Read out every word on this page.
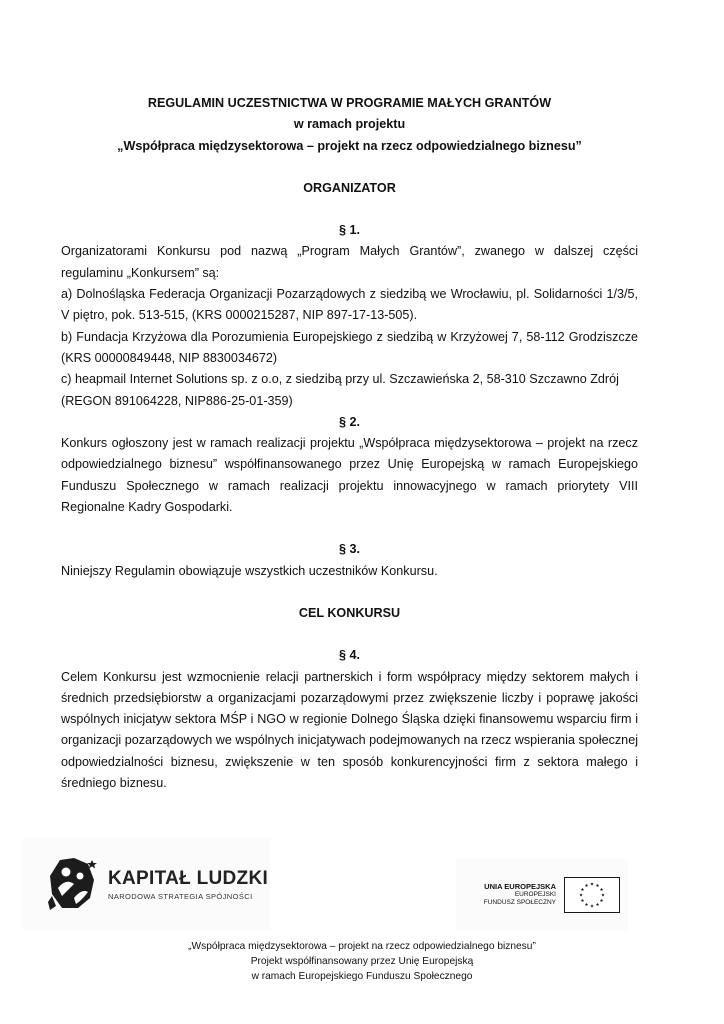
REGULAMIN UCZESTNICTWA W PROGRAMIE MAŁYCH GRANTÓW

w ramach projektu

„Współpraca międzysektorowa – projekt na rzecz odpowiedzialnego biznesu”

ORGANIZATOR

§ 1.

Organizatorami Konkursu pod nazwą „Program Małych Grantów”, zwanego w dalszej części regulaminu „Konkursem” są:

a) Dolnośląska Federacja Organizacji Pozarządowych z siedzibą we Wrocławiu, pl. Solidarności 1/3/5, V piętro, pok. 513-515, (KRS 0000215287, NIP 897-17-13-505).

b) Fundacja Krzyżowa dla Porozumienia Europejskiego z siedzibą w Krzyżowej 7, 58-112 Grodziszcze (KRS 00000849448, NIP 8830034672)

c) heapmail Internet Solutions sp. z o.o, z siedzibą przy ul. Szczawieńska 2, 58-310 Szczawno Zdrój

(REGON 891064228, NIP886-25-01-359)

§ 2.

Konkurs ogłoszony jest w ramach realizacji projektu „Współpraca międzysektorowa – projekt na rzecz odpowiedzialnego biznesu” współfinansowanego przez Unię Europejską w ramach Europejskiego Funduszu Społecznego w ramach realizacji projektu innowacyjnego w ramach priorytety VIII Regionalne Kadry Gospodarki.

§ 3.

Niniejszy Regulamin obowiązuje wszystkich uczestników Konkursu.

CEL KONKURSU

§ 4.

Celem Konkursu jest wzmocnienie relacji partnerskich i form współpracy między sektorem małych i średnich przedsiębiorstw a organizacjami pozarządowymi przez zwiększenie liczby i poprawę jakości wspólnych inicjatyw sektora MŚP i NGO w regionie Dolnego Śląska dzięki finansowemu wsparciu firm i organizacji pozarządowych we wspólnych inicjatywach podejmowanych na rzecz wspierania społecznej odpowiedzialności biznesu, zwiększenie w ten sposób konkurencyjności firm z sektora małego i średniego biznesu.

KAPITAŁ LUDZKI
NARODOWA STRATEGIA SPÓJNOŚCI
UNIA EUROPEJSKA
EUROPEJSKI
FUNDUSZ SPOŁECZNY
„Współpraca międzysektorowa – projekt na rzecz odpowiedzialnego biznesu”
Projekt współfinansowany przez Unię Europejską
w ramach Europejskiego Funduszu Społecznego
